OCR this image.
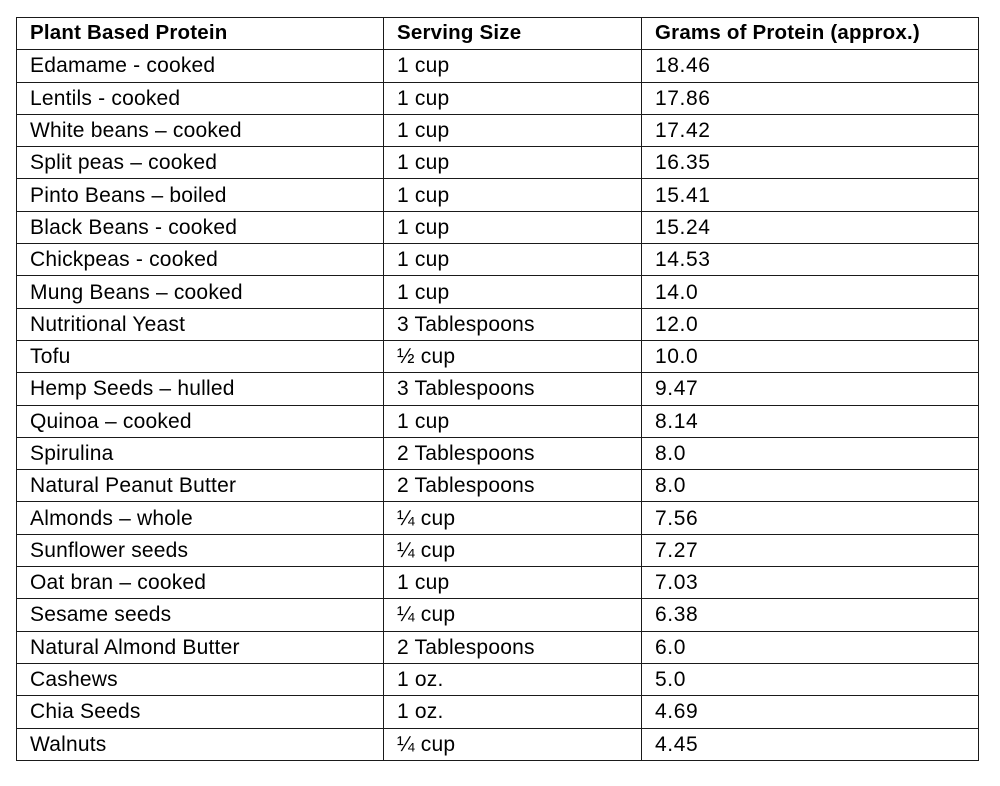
Plant Based Protein	Serving Size	Grams of Protein (approx.)
Edamame - cooked	1 cup	18.46
Lentils - cooked	1 cup	17.86
White beans – cooked	1 cup	17.42
Split peas – cooked	1 cup	16.35
Pinto Beans – boiled	1 cup	15.41
Black Beans - cooked	1 cup	15.24
Chickpeas - cooked	1 cup	14.53
Mung Beans – cooked	1 cup	14.0
Nutritional Yeast	3 Tablespoons	12.0
Tofu	½ cup	10.0
Hemp Seeds – hulled	3 Tablespoons	9.47
Quinoa – cooked	1 cup	8.14
Spirulina	2 Tablespoons	8.0
Natural Peanut Butter	2 Tablespoons	8.0
Almonds – whole	¼ cup	7.56
Sunflower seeds	¼ cup	7.27
Oat bran – cooked	1 cup	7.03
Sesame seeds	¼ cup	6.38
Natural Almond Butter	2 Tablespoons	6.0
Cashews	1 oz.	5.0
Chia Seeds	1 oz.	4.69
Walnuts	¼ cup	4.45
